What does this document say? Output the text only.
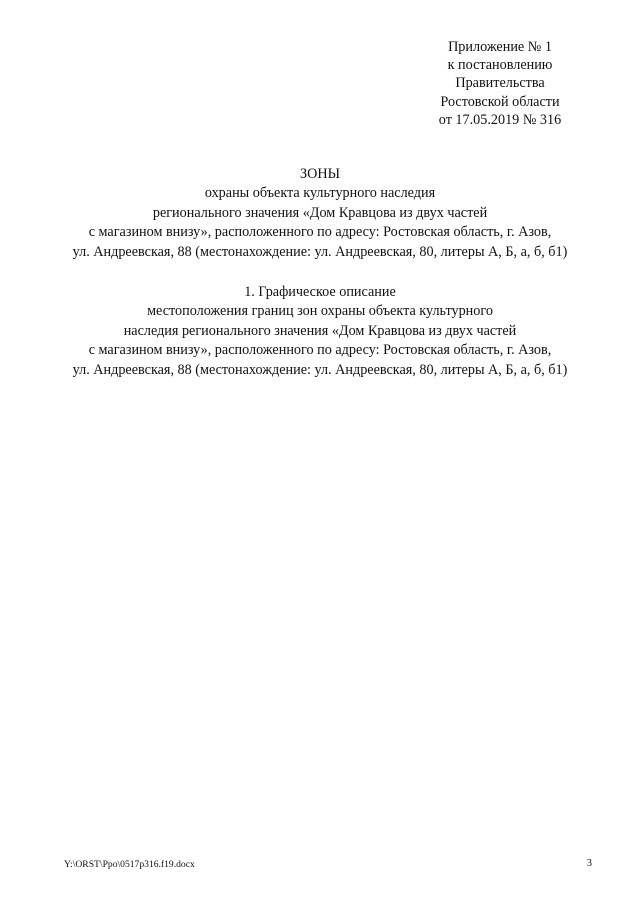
Приложение № 1
к постановлению
Правительства
Ростовской области
от 17.05.2019 № 316
ЗОНЫ
охраны объекта культурного наследия
регионального значения «Дом Кравцова из двух частей
с магазином внизу», расположенного по адресу: Ростовская область, г. Азов,
ул. Андреевская, 88 (местонахождение: ул. Андреевская, 80, литеры А, Б, а, б, б1)
1. Графическое описание
местоположения границ зон охраны объекта культурного
наследия регионального значения «Дом Кравцова из двух частей
с магазином внизу», расположенного по адресу: Ростовская область, г. Азов,
ул. Андреевская, 88 (местонахождение: ул. Андреевская, 80, литеры А, Б, а, б, б1)
Y:\ORST\Ppo\0517p316.f19.docx	3
